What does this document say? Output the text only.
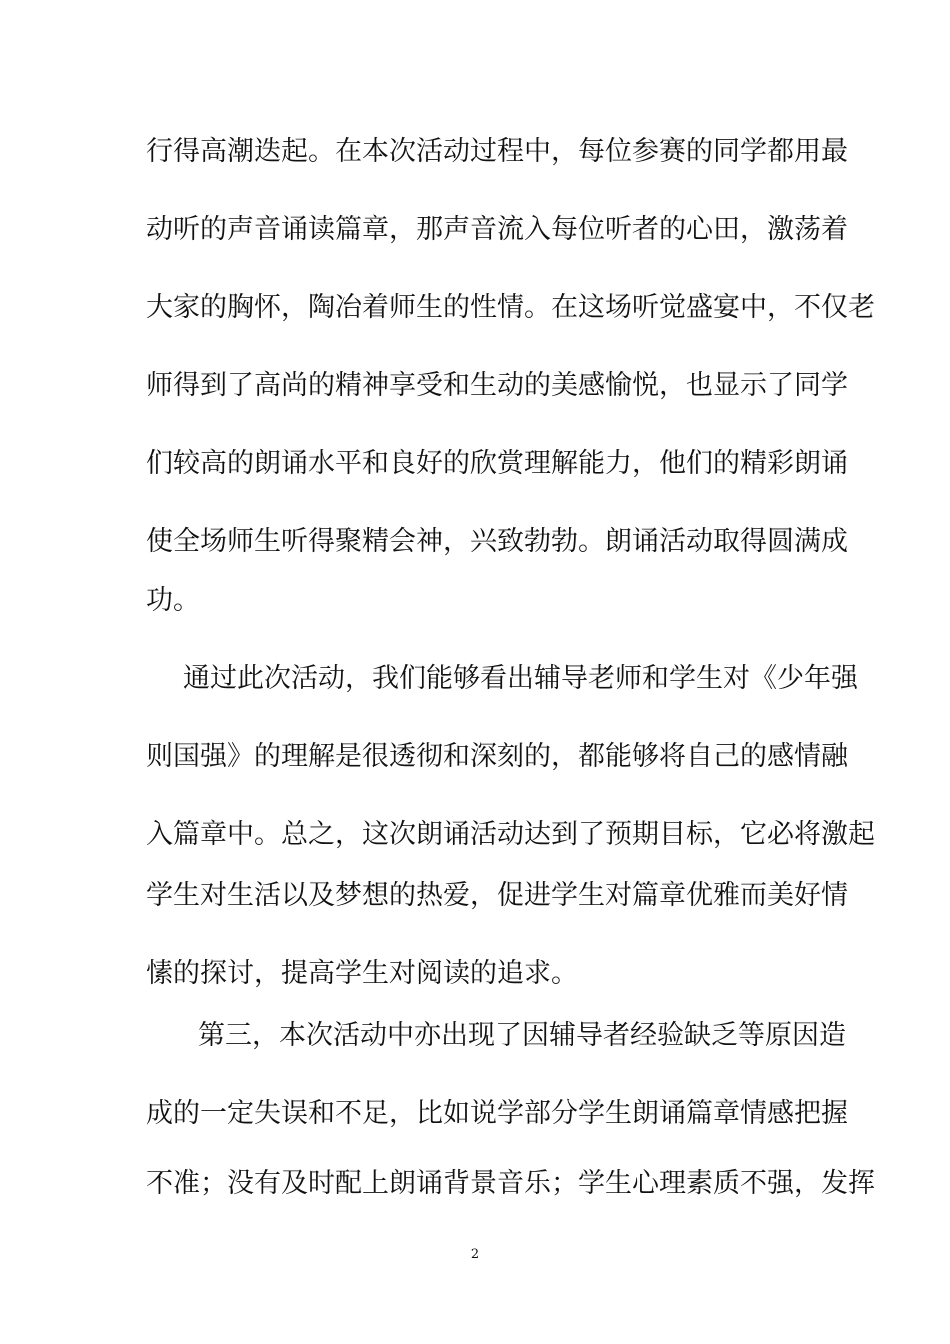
行得高潮迭起。在本次活动过程中，每位参赛的同学都用最
动听的声音诵读篇章，那声音流入每位听者的心田，激荡着
大家的胸怀，陶冶着师生的性情。在这场听觉盛宴中，不仅老
师得到了高尚的精神享受和生动的美感愉悦，也显示了同学
们较高的朗诵水平和良好的欣赏理解能力，他们的精彩朗诵
使全场师生听得聚精会神，兴致勃勃。朗诵活动取得圆满成
功。
通过此次活动，我们能够看出辅导老师和学生对《少年强
则国强》的理解是很透彻和深刻的，都能够将自己的感情融
入篇章中。总之，这次朗诵活动达到了预期目标，它必将激起
学生对生活以及梦想的热爱，促进学生对篇章优雅而美好情
愫的探讨，提高学生对阅读的追求。
第三，本次活动中亦出现了因辅导者经验缺乏等原因造
成的一定失误和不足，比如说学部分学生朗诵篇章情感把握
不准；没有及时配上朗诵背景音乐；学生心理素质不强，发挥
2
